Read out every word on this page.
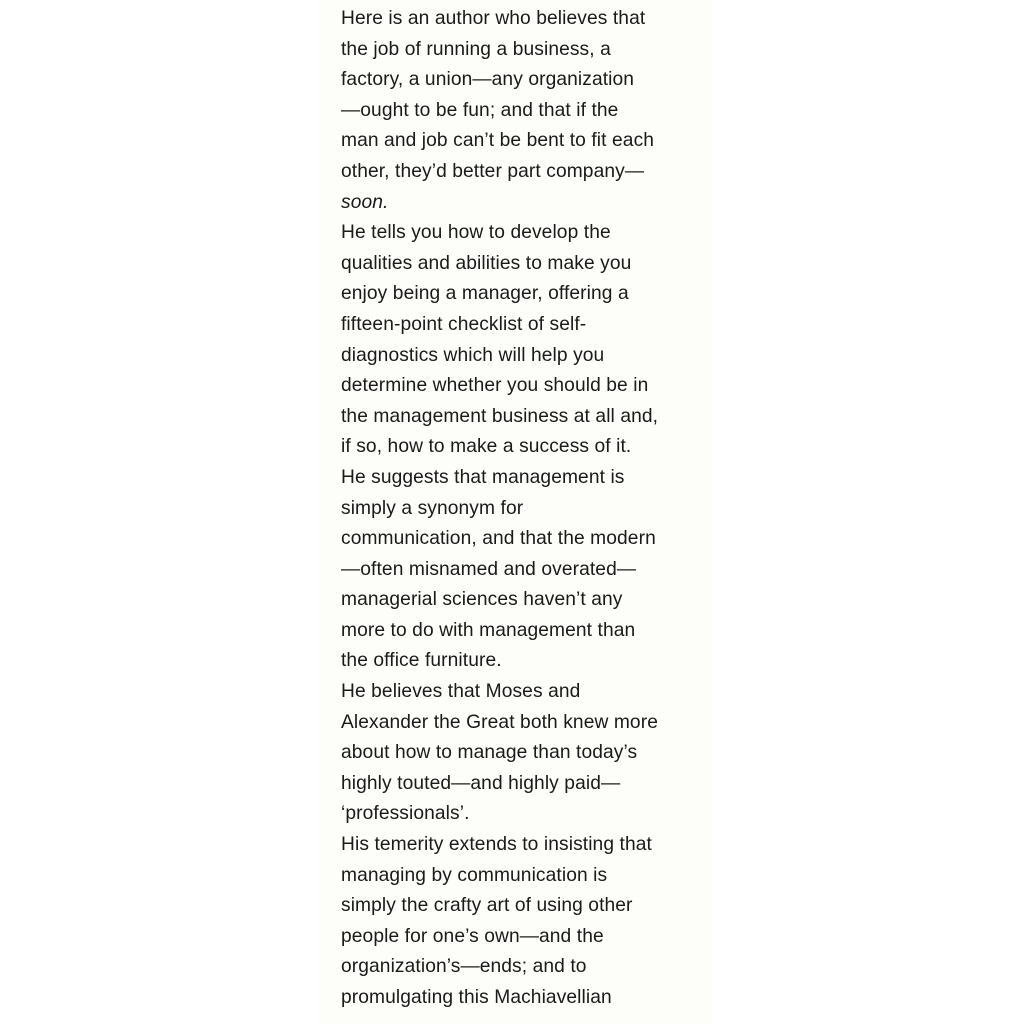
Here is an author who believes that
the job of running a business, a
factory, a union—any organization
—ought to be fun; and that if the
man and job can’t be bent to fit each
other, they’d better part company—
soon.
He tells you how to develop the
qualities and abilities to make you
enjoy being a manager, offering a
fifteen-point checklist of self-
diagnostics which will help you
determine whether you should be in
the management business at all and,
if so, how to make a success of it.
He suggests that management is
simply a synonym for
communication, and that the modern
—often misnamed and overated—
managerial sciences haven’t any
more to do with management than
the office furniture.
He believes that Moses and
Alexander the Great both knew more
about how to manage than today’s
highly touted—and highly paid—
‘professionals’.
His temerity extends to insisting that
managing by communication is
simply the crafty art of using other
people for one’s own—and the
organization’s—ends; and to
promulgating this Machiavellian
